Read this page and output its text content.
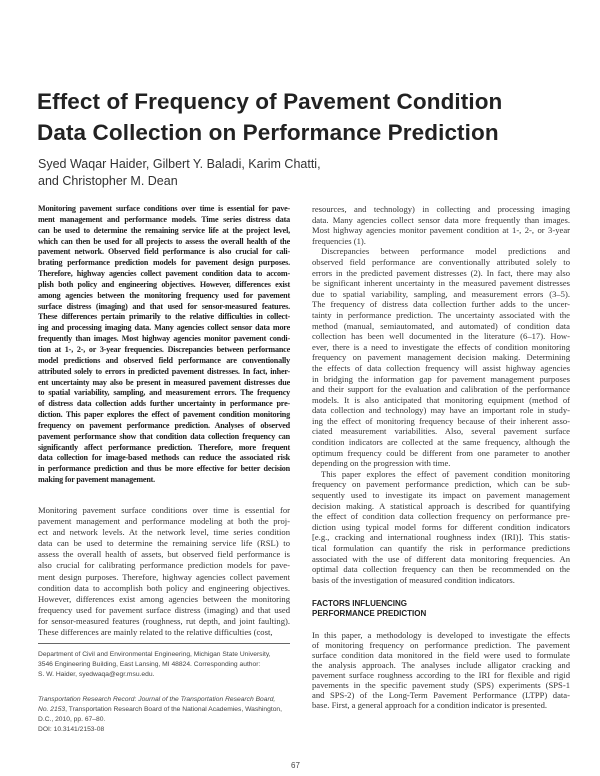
Effect of Frequency of Pavement Condition
Data Collection on Performance Prediction
Syed Waqar Haider, Gilbert Y. Baladi, Karim Chatti,
and Christopher M. Dean
Monitoring pavement surface conditions over time is essential for pave-
ment management and performance models. Time series distress data
can be used to determine the remaining service life at the project level,
which can then be used for all projects to assess the overall health of the
pavement network. Observed field performance is also crucial for cali-
brating performance prediction models for pavement design purposes.
Therefore, highway agencies collect pavement condition data to accom-
plish both policy and engineering objectives. However, differences exist
among agencies between the monitoring frequency used for pavement
surface distress (imaging) and that used for sensor-measured features.
These differences pertain primarily to the relative difficulties in collect-
ing and processing imaging data. Many agencies collect sensor data more
frequently than images. Most highway agencies monitor pavement condi-
tion at 1-, 2-, or 3-year frequencies. Discrepancies between performance
model predictions and observed field performance are conventionally
attributed solely to errors in predicted pavement distresses. In fact, inher-
ent uncertainty may also be present in measured pavement distresses due
to spatial variability, sampling, and measurement errors. The frequency
of distress data collection adds further uncertainty in performance pre-
diction. This paper explores the effect of pavement condition monitoring
frequency on pavement performance prediction. Analyses of observed
pavement performance show that condition data collection frequency can
significantly affect performance prediction. Therefore, more frequent
data collection for image-based methods can reduce the associated risk
in performance prediction and thus be more effective for better decision
making for pavement management.
Monitoring pavement surface conditions over time is essential for
pavement management and performance modeling at both the proj-
ect and network levels. At the network level, time series condition
data can be used to determine the remaining service life (RSL) to
assess the overall health of assets, but observed field performance is
also crucial for calibrating performance prediction models for pave-
ment design purposes. Therefore, highway agencies collect pavement
condition data to accomplish both policy and engineering objectives.
However, differences exist among agencies between the monitoring
frequency used for pavement surface distress (imaging) and that used
for sensor-measured features (roughness, rut depth, and joint faulting).
These differences are mainly related to the relative difficulties (cost,
resources, and technology) in collecting and processing imaging
data. Many agencies collect sensor data more frequently than images.
Most highway agencies monitor pavement condition at 1-, 2-, or 3-year
frequencies (1).
Discrepancies between performance model predictions and
observed field performance are conventionally attributed solely to
errors in the predicted pavement distresses (2). In fact, there may also
be significant inherent uncertainty in the measured pavement distresses
due to spatial variability, sampling, and measurement errors (3–5).
The frequency of distress data collection further adds to the uncer-
tainty in performance prediction. The uncertainty associated with the
method (manual, semiautomated, and automated) of condition data
collection has been well documented in the literature (6–17). How-
ever, there is a need to investigate the effects of condition monitoring
frequency on pavement management decision making. Determining
the effects of data collection frequency will assist highway agencies
in bridging the information gap for pavement management purposes
and their support for the evaluation and calibration of the performance
models. It is also anticipated that monitoring equipment (method of
data collection and technology) may have an important role in study-
ing the effect of monitoring frequency because of their inherent asso-
ciated measurement variabilities. Also, several pavement surface
condition indicators are collected at the same frequency, although the
optimum frequency could be different from one parameter to another
depending on the progression with time.
This paper explores the effect of pavement condition monitoring
frequency on pavement performance prediction, which can be sub-
sequently used to investigate its impact on pavement management
decision making. A statistical approach is described for quantifying
the effect of condition data collection frequency on performance pre-
diction using typical model forms for different condition indicators
[e.g., cracking and international roughness index (IRI)]. This statis-
tical formulation can quantify the risk in performance predictions
associated with the use of different data monitoring frequencies. An
optimal data collection frequency can then be recommended on the
basis of the investigation of measured condition indicators.
FACTORS INFLUENCING
PERFORMANCE PREDICTION
In this paper, a methodology is developed to investigate the effects
of monitoring frequency on performance prediction. The pavement
surface condition data monitored in the field were used to formulate
the analysis approach. The analyses include alligator cracking and
pavement surface roughness according to the IRI for flexible and rigid
pavements in the specific pavement study (SPS) experiments (SPS-1
and SPS-2) of the Long-Term Pavement Performance (LTPP) data-
base. First, a general approach for a condition indicator is presented.
Department of Civil and Environmental Engineering, Michigan State University,
3546 Engineering Building, East Lansing, MI 48824. Corresponding author:
S. W. Haider, syedwaqa@egr.msu.edu.
Transportation Research Record: Journal of the Transportation Research Board,
No. 2153, Transportation Research Board of the National Academies, Washington,
D.C., 2010, pp. 67–80.
DOI: 10.3141/2153-08
67
